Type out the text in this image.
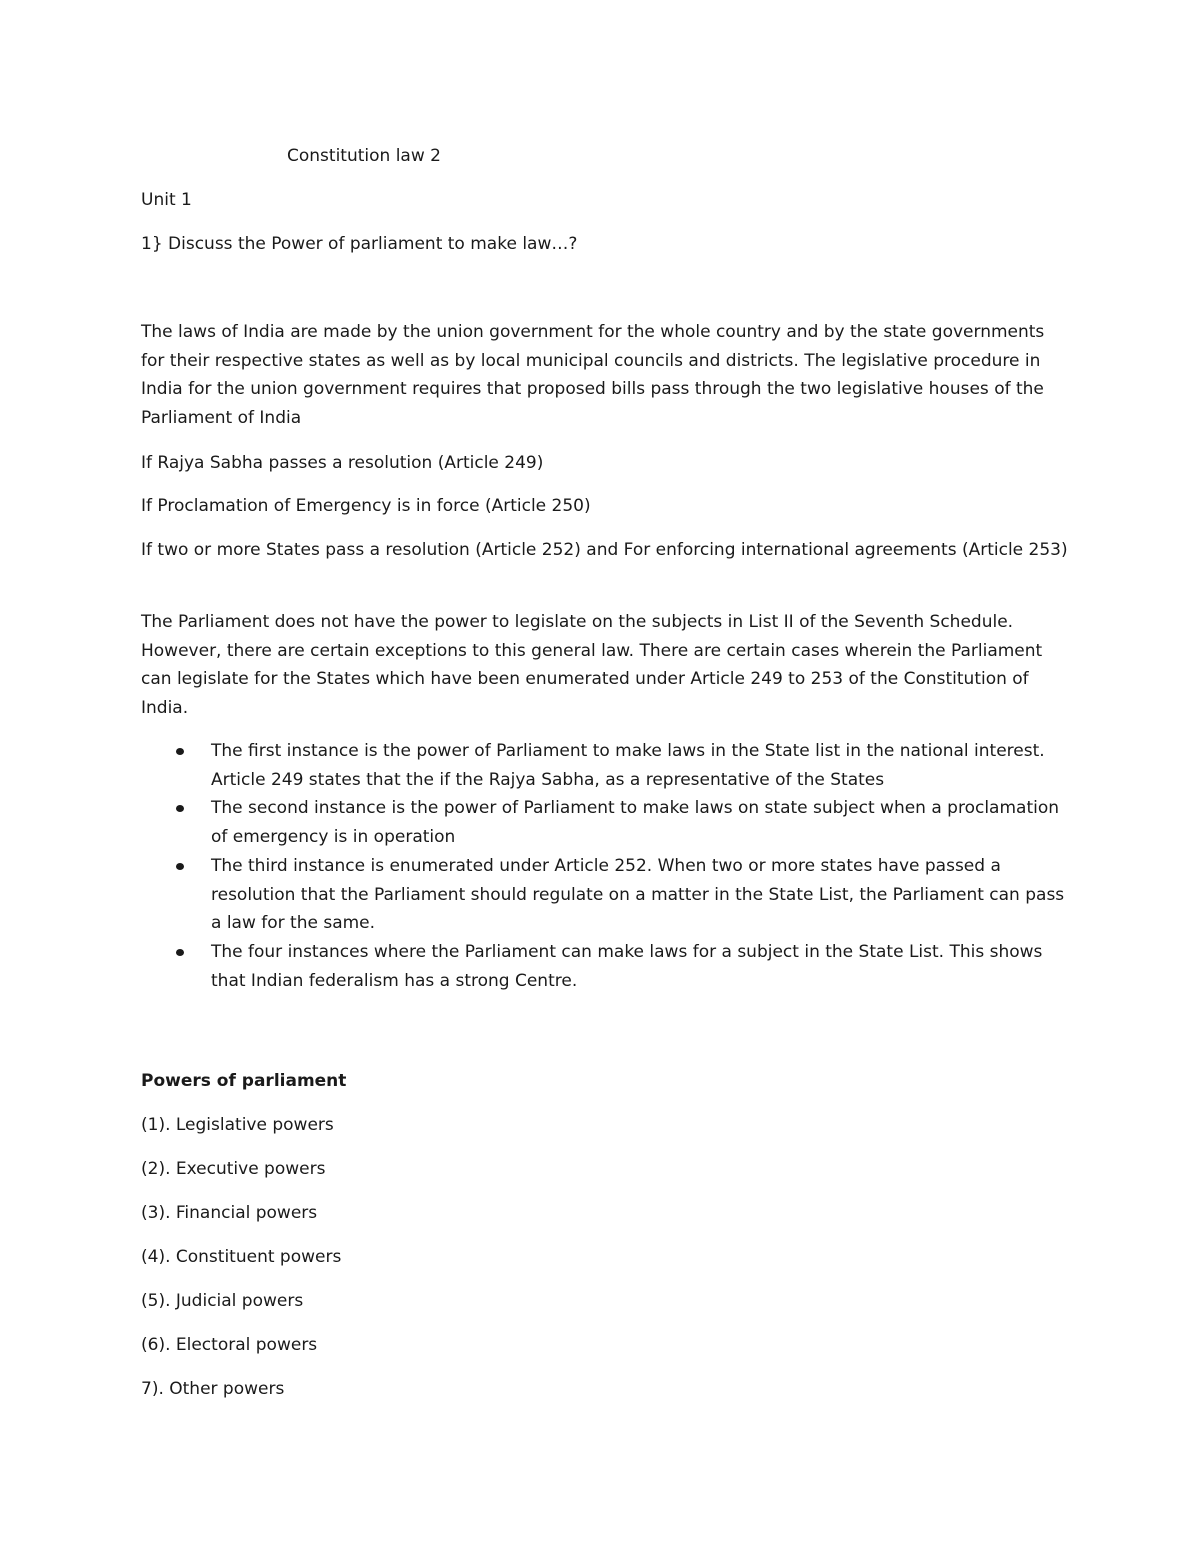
Constitution law 2

Unit 1

1} Discuss the Power of parliament to make law…?

The laws of India are made by the union government for the whole country and by the state governments for their respective states as well as by local municipal councils and districts. The legislative procedure in India for the union government requires that proposed bills pass through the two legislative houses of the Parliament of India

If Rajya Sabha passes a resolution (Article 249)

If Proclamation of Emergency is in force (Article 250)

If two or more States pass a resolution (Article 252) and For enforcing international agreements (Article 253)

The Parliament does not have the power to legislate on the subjects in List II of the Seventh Schedule. However, there are certain exceptions to this general law. There are certain cases wherein the Parliament can legislate for the States which have been enumerated under Article 249 to 253 of the Constitution of India.

The first instance is the power of Parliament to make laws in the State list in the national interest. Article 249 states that the if the Rajya Sabha, as a representative of the States
The second instance is the power of Parliament to make laws on state subject when a proclamation of emergency is in operation
The third instance is enumerated under Article 252. When two or more states have passed a resolution that the Parliament should regulate on a matter in the State List, the Parliament can pass a law for the same.
The four instances where the Parliament can make laws for a subject in the State List. This shows that Indian federalism has a strong Centre.

Powers of parliament

(1). Legislative powers

(2). Executive powers

(3). Financial powers

(4). Constituent powers

(5). Judicial powers

(6). Electoral powers

7). Other powers
